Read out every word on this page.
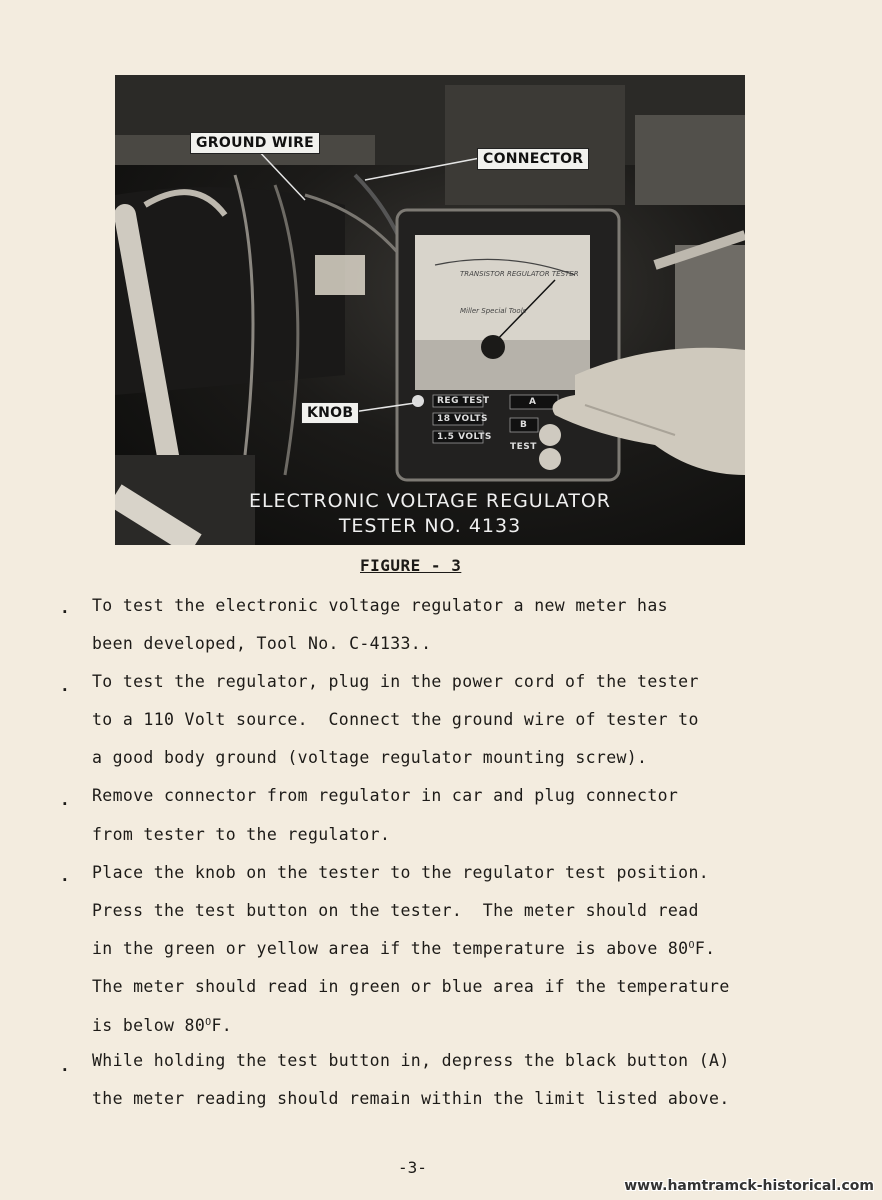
GROUND WIRE
CONNECTOR
KNOB
TRANSISTOR REGULATOR TESTER
Miller Special Tools
REG TEST
18 VOLTS
1.5 VOLTS
A
B
TEST
ELECTRONIC VOLTAGE REGULATOR
TESTER NO. 4133
FIGURE - 3
. To test the electronic voltage regulator a new meter has
been developed, Tool No. C-4133..
. To test the regulator, plug in the power cord of the tester
to a 110 Volt source.  Connect the ground wire of tester to
a good body ground (voltage regulator mounting screw).
. Remove connector from regulator in car and plug connector
from tester to the regulator.
. Place the knob on the tester to the regulator test position.
Press the test button on the tester.  The meter should read
in the green or yellow area if the temperature is above $80^OF$.
The meter should read in green or blue area if the temperature
is below $80^OF$.
. While holding the test button in, depress the black button (A)
the meter reading should remain within the limit listed above.
-3-
www.hamtramck-historical.com
